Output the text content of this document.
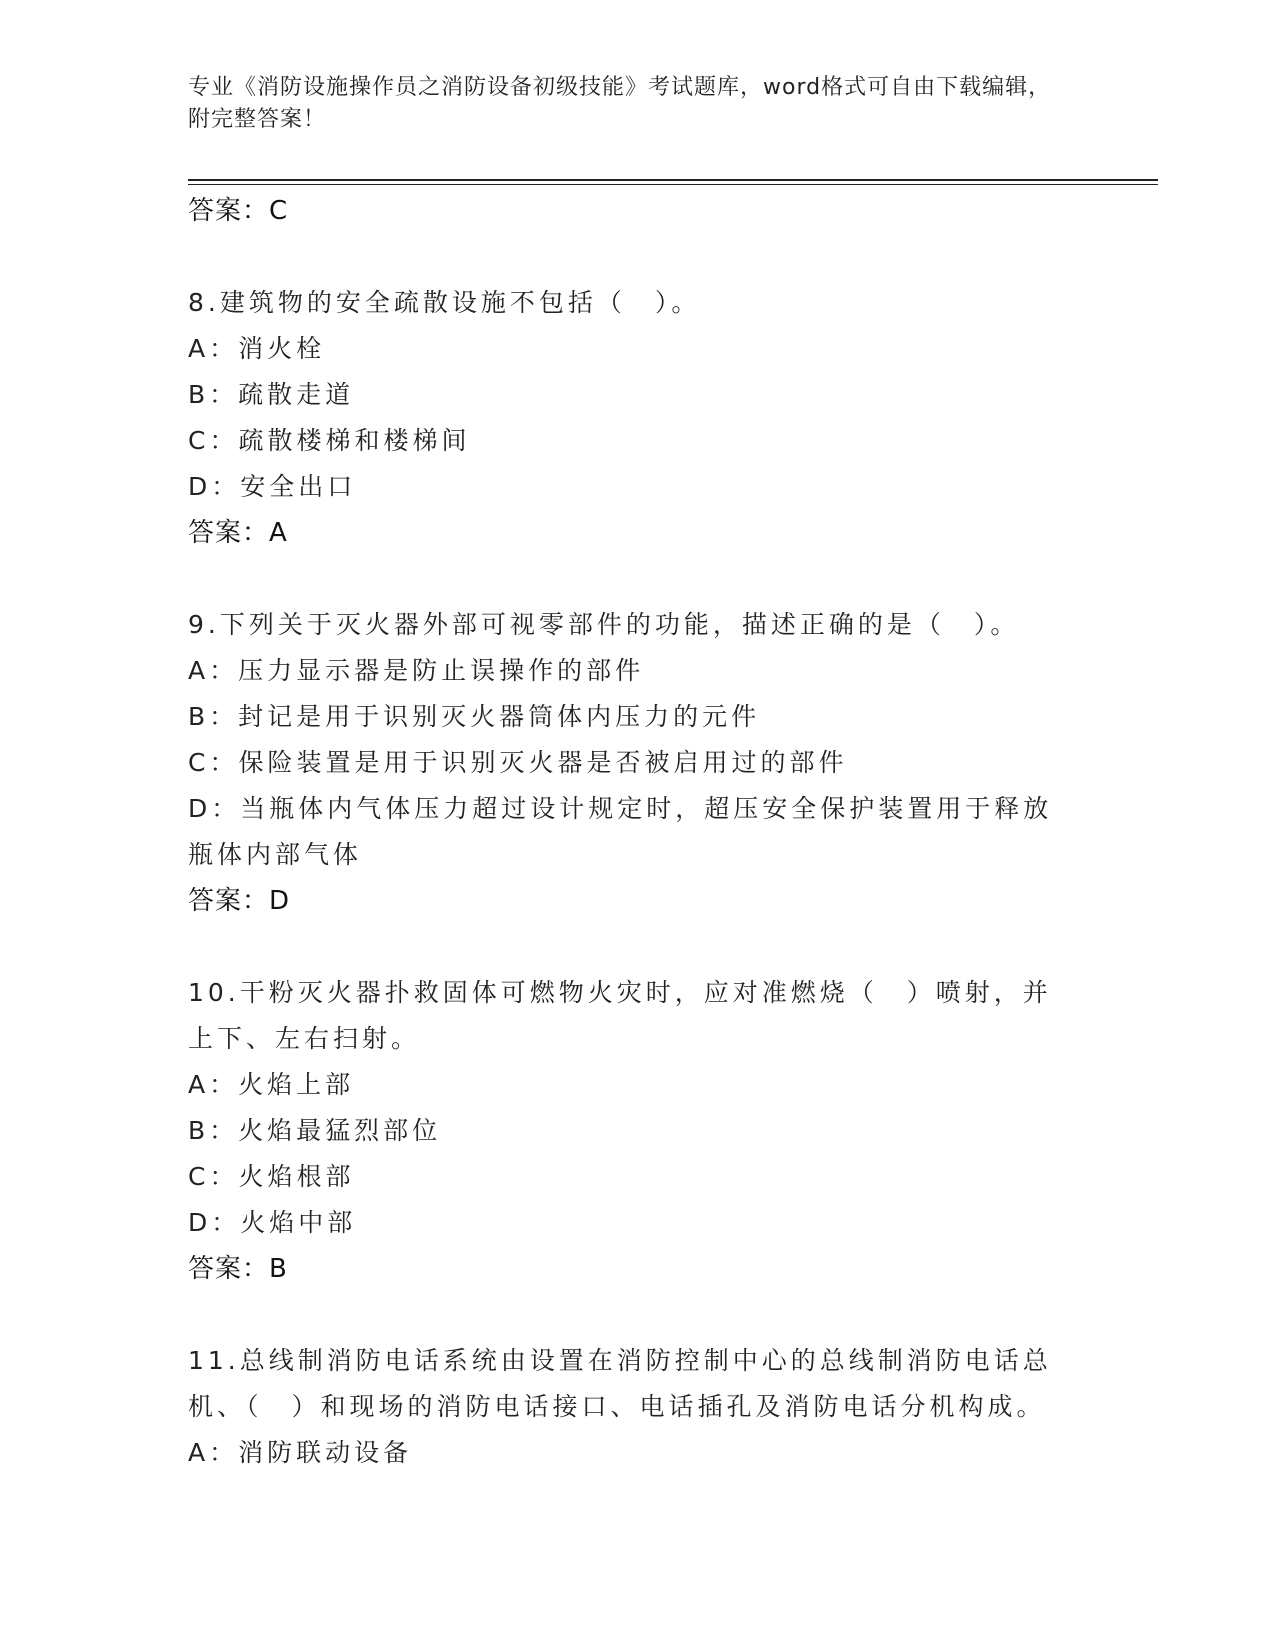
专业《消防设施操作员之消防设备初级技能》考试题库，word格式可自由下载编辑，附完整答案！
答案：C
8.建筑物的安全疏散设施不包括（　）。
A：消火栓
B：疏散走道
C：疏散楼梯和楼梯间
D：安全出口
答案：A
9.下列关于灭火器外部可视零部件的功能，描述正确的是（　）。
A：压力显示器是防止误操作的部件
B：封记是用于识别灭火器筒体内压力的元件
C：保险装置是用于识别灭火器是否被启用过的部件
D：当瓶体内气体压力超过设计规定时，超压安全保护装置用于释放瓶体内部气体
答案：D
10.干粉灭火器扑救固体可燃物火灾时，应对准燃烧（　）喷射，并上下、左右扫射。
A：火焰上部
B：火焰最猛烈部位
C：火焰根部
D：火焰中部
答案：B
11.总线制消防电话系统由设置在消防控制中心的总线制消防电话总机、（　）和现场的消防电话接口、电话插孔及消防电话分机构成。
A：消防联动设备
